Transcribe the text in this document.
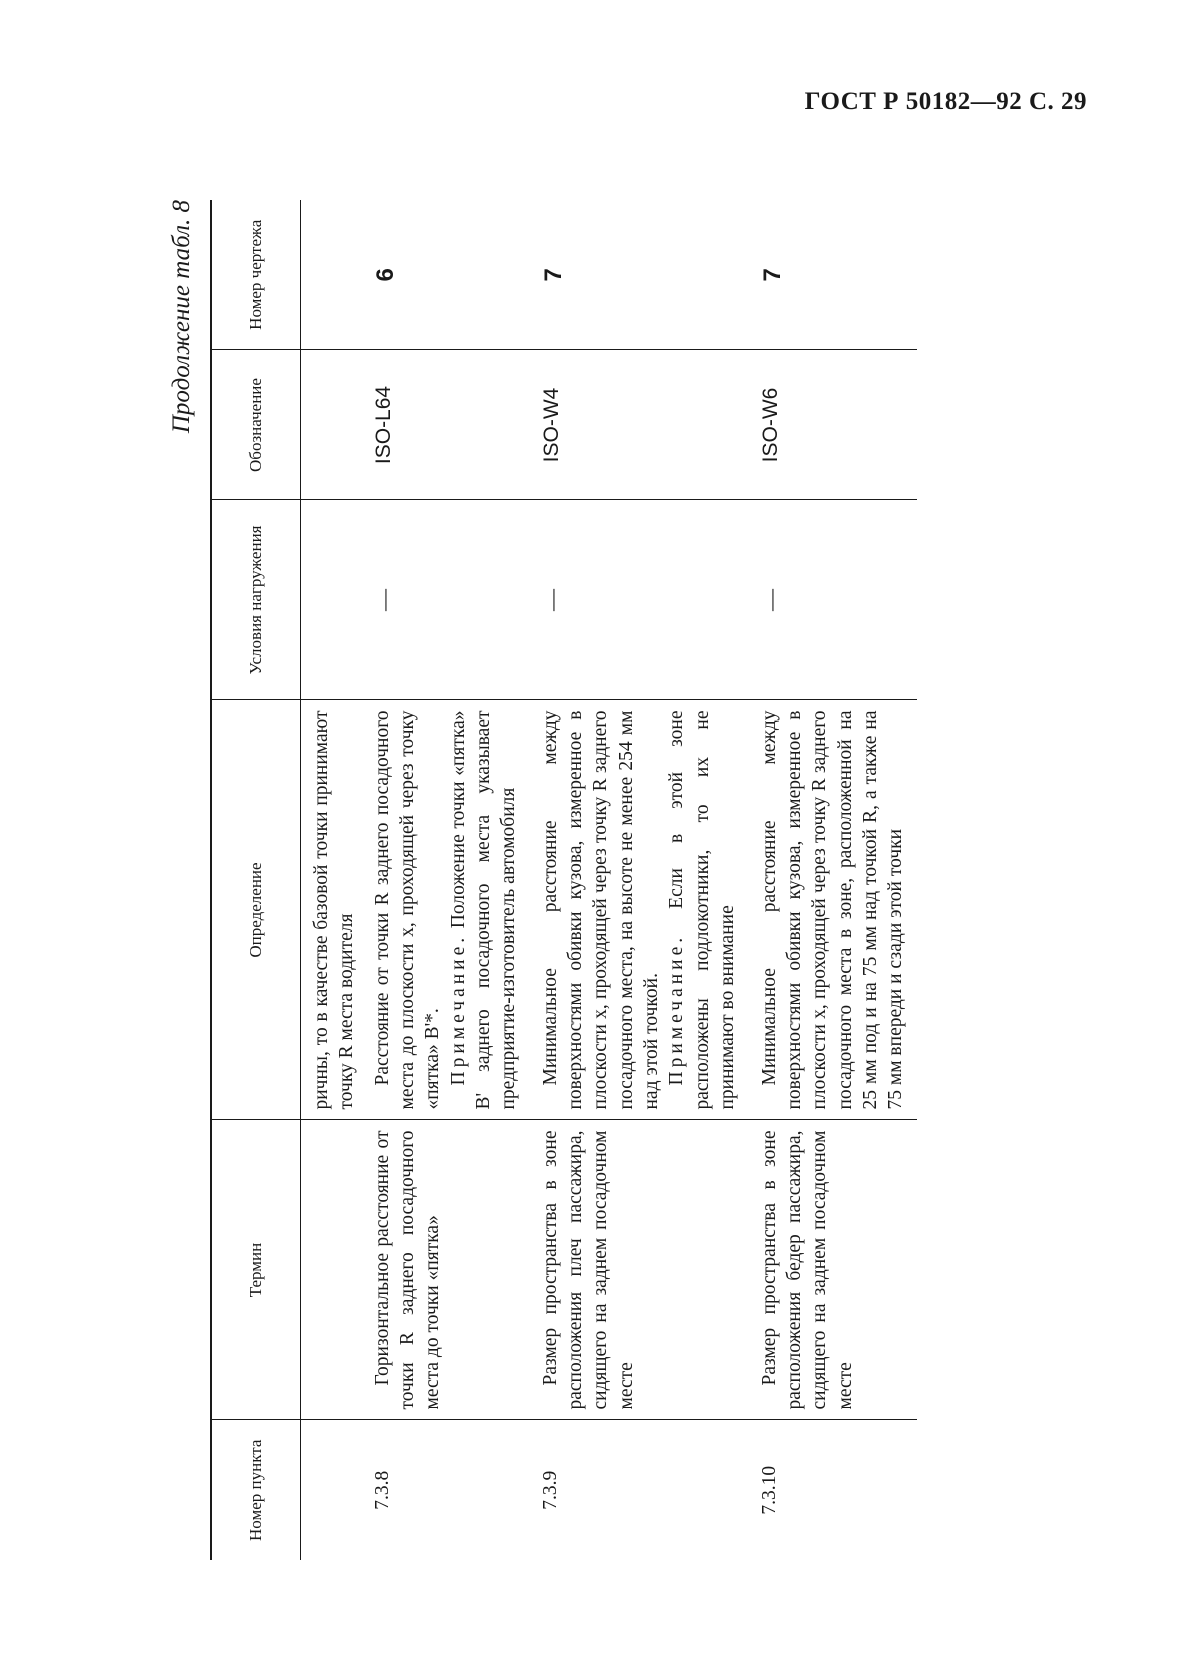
ГОСТ Р 50182—92 С. 29
Продолжение табл. 8
Номер пункта	Термин	Определение	Условия нагружения	Обозначение	Номер чертежа

		ричны, то в качестве базовой точки принимают точку R места водителя			

7.3.8	Горизонтальное расстояние от точки R заднего посадочного места до точки «пятка»	Расстояние от точки R заднего посадочного места до плоскости x, проходящей через точку «пятка» B'*. Примечание. Положение точки «пятка» B' заднего посадочного места указывает предприятие-изготовитель автомобиля	—	ISO-L64	6
7.3.9	Размер пространства в зоне расположения плеч пассажира, сидящего на заднем посадочном месте	Минимальное расстояние между поверхностями обивки кузова, измеренное в плоскости x, проходящей через точку R заднего посадочного места, на высоте не менее 254 мм над этой точкой. Примечание. Если в этой зоне расположены подлокотники, то их не принимают во внимание	—	ISO-W4	7
7.3.10	Размер пространства в зоне расположения бедер пассажира, сидящего на заднем посадочном месте	Минимальное расстояние между поверхностями обивки кузова, измеренное в плоскости x, проходящей через точку R заднего посадочного места в зоне, расположенной на 25 мм под и на 75 мм над точкой R, а также на 75 мм впереди и сзади этой точки	—	ISO-W6	7
